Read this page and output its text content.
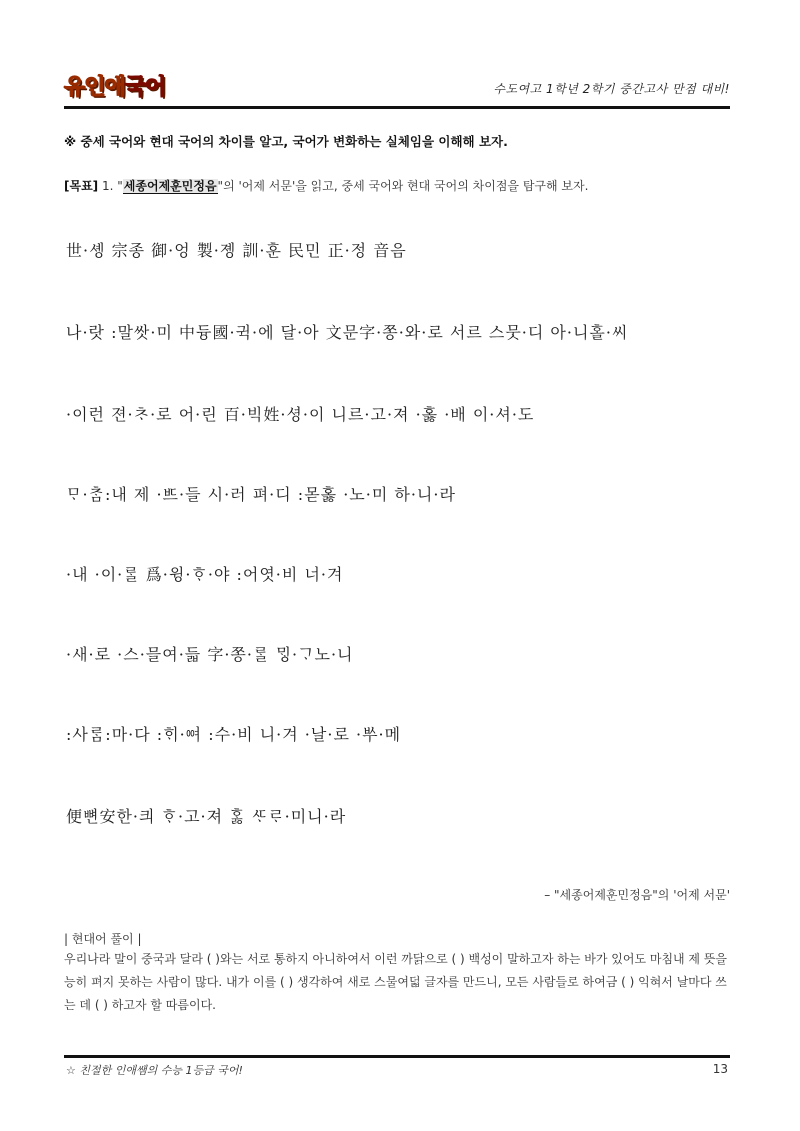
유인애 국어	수도여고 1학년 2학기 중간고사 만점 대비!
※ 중세 국어와 현대 국어의 차이를 알고, 국어가 변화하는 실체임을 이해해 보자.
[목표] 1. "세종어제훈민정음"의 '어제 서문'을 읽고, 중세 국어와 현대 국어의 차이점을 탐구해 보자.
世·솅 宗종 御·엉 製·졩 訓·훈 民민 正·정 音음
나·랏 :말쌋·미 中듕國·귁·에 달·아 文문字·쫑·와·로 서르 스뭇·디 아·니홀·씨
·이런 젼·ᄎᆞ·로 어·린 百·빅姓·셩·이 니르·고·져 ·홇 ·배 이·셔·도
ᄆᆞ·ᄎᆞᆷ:내 제 ·ᄠᅳ·들 시·러 펴·디 :몯홇 ·노·미 하·니·라
·내 ·이·ᄅᆞᆯ 爲·윙·ᄒᆞ·야 :어엿·비 너·겨
·새·로 ·스·믈여·듧 字·쫑·ᄅᆞᆯ ᄆᆡᇰ·ᄀᆞ노·니
:사ᄅᆞᆷ:마·다 :ᄒᆡ·ᅇᅧ :수·비 니·겨 ·날·로 ·ᄡᅮ·메
便뼌安한·킈 ᄒᆞ·고·져 ᄒᆞᇙ ᄯᆞᄅᆞ·미니·라
– "세종어제훈민정음"의 '어제 서문'
| 현대어 풀이 |
우리나라 말이 중국과 달라 ( )와는 서로 통하지 아니하여서 이런 까닭으로 ( ) 백성이 말하고자 하는 바가 있어도 마침내 제 뜻을 능히 펴지 못하는 사람이 많다. 내가 이를 ( ) 생각하여 새로 스물여덟 글자를 만드니, 모든 사람들로 하여금 ( ) 익혀서 날마다 쓰는 데 ( ) 하고자 할 따름이다.
☆ 친절한 인애쌤의 수능 1등급 국어!	13
